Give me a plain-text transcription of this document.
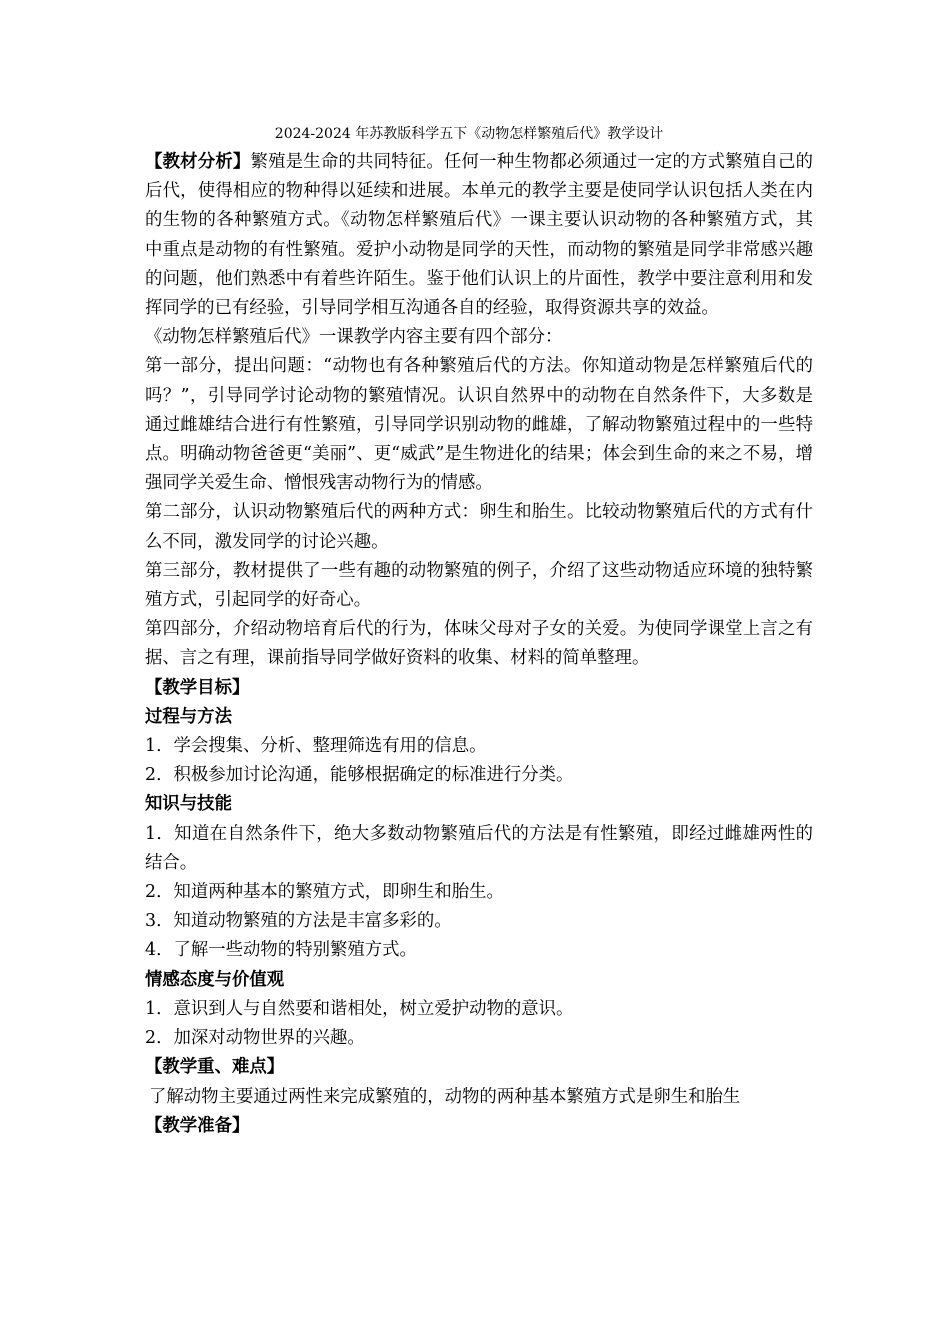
2024-2024 年苏教版科学五下《动物怎样繁殖后代》教学设计

【教材分析】繁殖是生命的共同特征。任何一种生物都必须通过一定的方式繁殖自己的后代，使得相应的物种得以延续和进展。本单元的教学主要是使同学认识包括人类在内的生物的各种繁殖方式。《动物怎样繁殖后代》一课主要认识动物的各种繁殖方式，其中重点是动物的有性繁殖。爱护小动物是同学的天性，而动物的繁殖是同学非常感兴趣的问题，他们熟悉中有着些许陌生。鉴于他们认识上的片面性，教学中要注意利用和发挥同学的已有经验，引导同学相互沟通各自的经验，取得资源共享的效益。

《动物怎样繁殖后代》一课教学内容主要有四个部分：

第一部分，提出问题：“动物也有各种繁殖后代的方法。你知道动物是怎样繁殖后代的吗？”，引导同学讨论动物的繁殖情况。认识自然界中的动物在自然条件下，大多数是通过雌雄结合进行有性繁殖，引导同学识别动物的雌雄，了解动物繁殖过程中的一些特点。明确动物爸爸更“美丽”、更“威武”是生物进化的结果；体会到生命的来之不易，增强同学关爱生命、憎恨残害动物行为的情感。

第二部分，认识动物繁殖后代的两种方式：卵生和胎生。比较动物繁殖后代的方式有什么不同，激发同学的讨论兴趣。

第三部分，教材提供了一些有趣的动物繁殖的例子，介绍了这些动物适应环境的独特繁殖方式，引起同学的好奇心。

第四部分，介绍动物培育后代的行为，体味父母对子女的关爱。为使同学课堂上言之有据、言之有理，课前指导同学做好资料的收集、材料的简单整理。

【教学目标】

过程与方法

1．学会搜集、分析、整理筛选有用的信息。

2．积极参加讨论沟通，能够根据确定的标准进行分类。

知识与技能

1．知道在自然条件下，绝大多数动物繁殖后代的方法是有性繁殖，即经过雌雄两性的结合。

2．知道两种基本的繁殖方式，即卵生和胎生。

3．知道动物繁殖的方法是丰富多彩的。

4．了解一些动物的特别繁殖方式。

情感态度与价值观

1．意识到人与自然要和谐相处，树立爱护动物的意识。

2．加深对动物世界的兴趣。

【教学重、难点】

了解动物主要通过两性来完成繁殖的，动物的两种基本繁殖方式是卵生和胎生

【教学准备】
